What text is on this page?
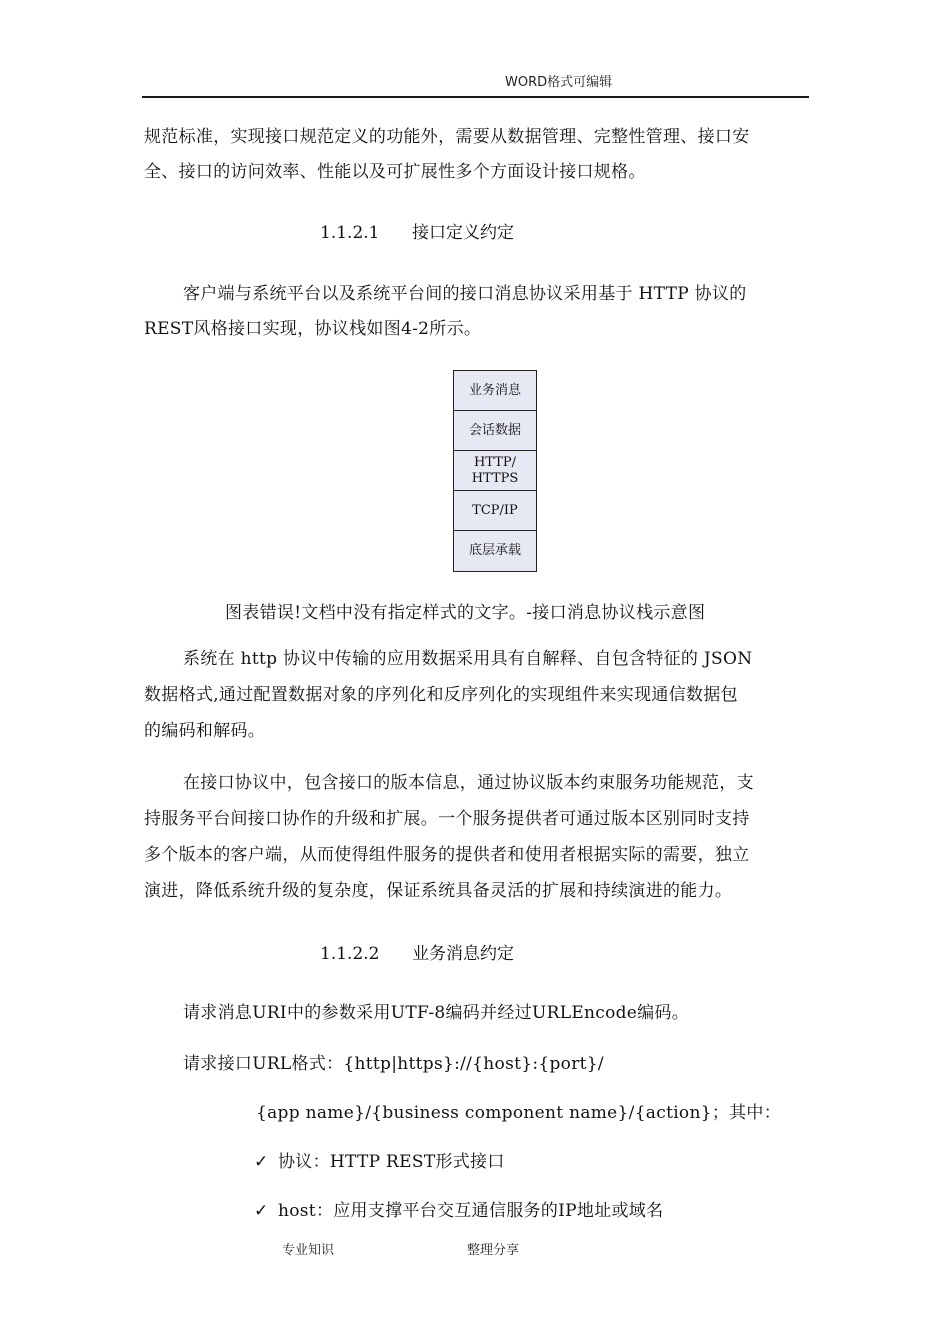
WORD格式可编辑
规范标准，实现接口规范定义的功能外，需要从数据管理、完整性管理、接口安
全、接口的访问效率、性能以及可扩展性多个方面设计接口规格。
1.1.2.1 接口定义约定
客户端与系统平台以及系统平台间的接口消息协议采用基于 HTTP 协议的
REST风格接口实现，协议栈如图4-2所示。
业务消息
会话数据
HTTP/
HTTPS
TCP/IP
底层承载
图表错误!文档中没有指定样式的文字。-接口消息协议栈示意图
系统在 http 协议中传输的应用数据采用具有自解释、自包含特征的 JSON
数据格式,通过配置数据对象的序列化和反序列化的实现组件来实现通信数据包
的编码和解码。
在接口协议中，包含接口的版本信息，通过协议版本约束服务功能规范，支
持服务平台间接口协作的升级和扩展。一个服务提供者可通过版本区别同时支持
多个版本的客户端，从而使得组件服务的提供者和使用者根据实际的需要，独立
演进，降低系统升级的复杂度，保证系统具备灵活的扩展和持续演进的能力。
1.1.2.2 业务消息约定
请求消息URI中的参数采用UTF-8编码并经过URLEncode编码。
请求接口URL格式：{http|https}://{host}:{port}/
{app name}/{business component name}/{action}；其中：
✓ 协议：HTTP REST形式接口
✓ host：应用支撑平台交互通信服务的IP地址或域名
专业知识	整理分享
